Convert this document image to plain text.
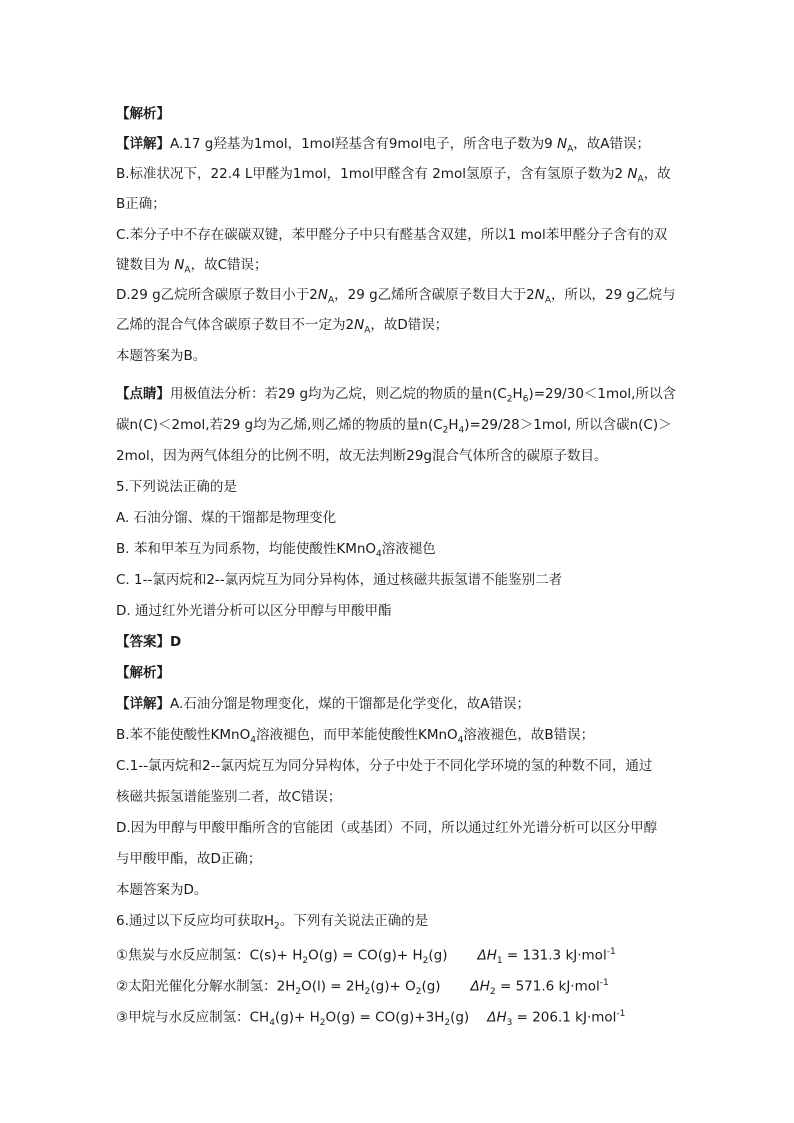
【解析】
【详解】A.17 g羟基为1mol，1mol羟基含有9mol电子，所含电子数为9 $N_A$，故A错误；
B.标准状况下，22.4 L甲醛为1mol，1mol甲醛含有 2mol氢原子，含有氢原子数为2 $N_A$，故
B正确；
C.苯分子中不存在碳碳双键，苯甲醛分子中只有醛基含双建，所以1 mol苯甲醛分子含有的双
键数目为 $N_A$，故C错误；
D.29 g乙烷所含碳原子数目小于$2N_A$，29 g乙烯所含碳原子数目大于$2N_A$，所以，29 g乙烷与
乙烯的混合气体含碳原子数目不一定为$2N_A$，故D错误；
本题答案为B。
【点睛】用极值法分析：若29 g均为乙烷，则乙烷的物质的量$n(C_2H_6)=29/30<1mol$,所以含
碳n(C)＜2mol,若29 g均为乙烯,则乙烯的物质的量$n(C_2H_4)=29/28>1mol$, 所以含碳n(C)＞
2mol，因为两气体组分的比例不明，故无法判断29g混合气体所含的碳原子数目。
5.下列说法正确的是
A. 石油分馏、煤的干馏都是物理变化
B. 苯和甲苯互为同系物，均能使酸性KMnO$_4$溶液褪色
C. 1--氯丙烷和2--氯丙烷互为同分异构体，通过核磁共振氢谱不能鉴别二者
D. 通过红外光谱分析可以区分甲醇与甲酸甲酯
【答案】D
【解析】
【详解】A.石油分馏是物理变化，煤的干馏都是化学变化，故A错误；
B.苯不能使酸性KMnO$_4$溶液褪色，而甲苯能使酸性KMnO$_4$溶液褪色，故B错误；
C.1--氯丙烷和2--氯丙烷互为同分异构体，分子中处于不同化学环境的氢的种数不同，通过
核磁共振氢谱能鉴别二者，故C错误；
D.因为甲醇与甲酸甲酯所含的官能团（或基团）不同，所以通过红外光谱分析可以区分甲醇
与甲酸甲酯，故D正确；
本题答案为D。
6.通过以下反应均可获取$H_2$。下列有关说法正确的是
①焦炭与水反应制氢：$C(s)+ H_2O(g) = CO(g)+ H_2(g) \Delta H_1 = 131.3$ kJ·mol$^{-1}$
②太阳光催化分解水制氢：$2H_2O(l) = 2H_2(g)+ O_2(g) \Delta H_2 = 571.6$ kJ·mol$^{-1}$
③甲烷与水反应制氢：$CH_4(g)+ H_2O(g) = CO(g)+3H_2(g) \Delta H_3 = 206.1$ kJ·mol$^{-1}$
